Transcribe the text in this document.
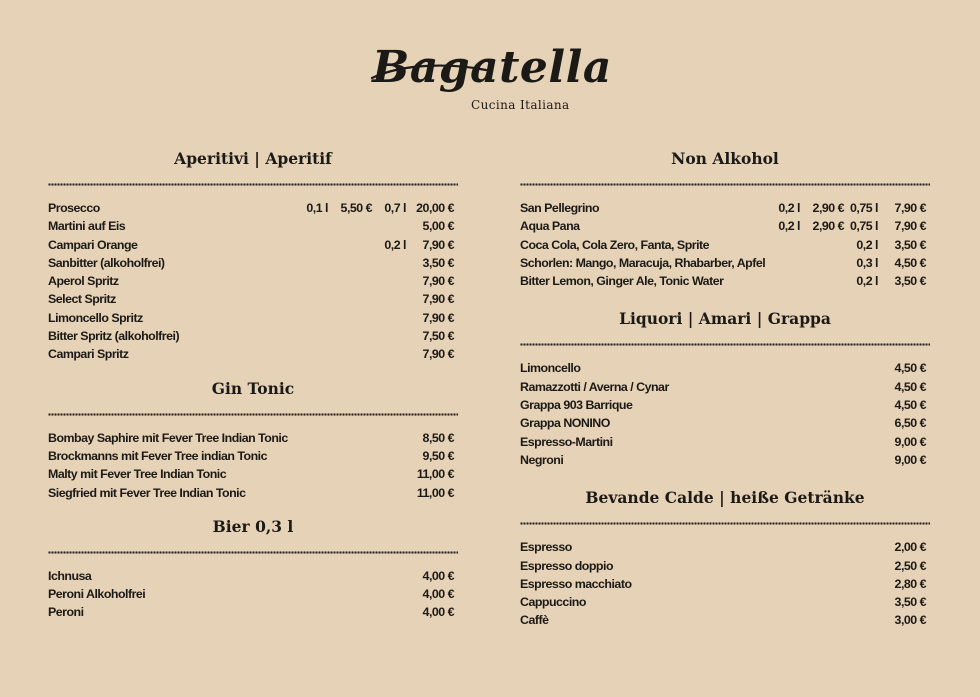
Bagatella
Cucina Italiana
Aperitivi | Aperitif
Prosecco	0,1 l 5,50 € 0,7 l 20,00 €
Martini auf Eis	5,00 €
Campari Orange	0,2 l 7,90 €
Sanbitter (alkoholfrei)	3,50 €
Aperol Spritz	7,90 €
Select Spritz	7,90 €
Limoncello Spritz	7,90 €
Bitter Spritz (alkoholfrei)	7,50 €
Campari Spritz	7,90 €
Gin Tonic
Bombay Saphire mit Fever Tree Indian Tonic	8,50 €
Brockmanns mit Fever Tree indian Tonic	9,50 €
Malty mit Fever Tree Indian Tonic	11,00 €
Siegfried mit Fever Tree Indian Tonic	11,00 €
Bier 0,3 l
Ichnusa	4,00 €
Peroni Alkoholfrei	4,00 €
Peroni	4,00 €
Non Alkohol
San Pellegrino	0,2 l 2,90 € 0,75 l 7,90 €
Aqua Pana	0,2 l 2,90 € 0,75 l 7,90 €
Coca Cola, Cola Zero, Fanta, Sprite	0,2 l 3,50 €
Schorlen: Mango, Maracuja, Rhabarber, Apfel	0,3 l 4,50 €
Bitter Lemon, Ginger Ale, Tonic Water	0,2 l 3,50 €
Liquori | Amari | Grappa
Limoncello	4,50 €
Ramazzotti / Averna / Cynar	4,50 €
Grappa 903 Barrique	4,50 €
Grappa NONINO	6,50 €
Espresso-Martini	9,00 €
Negroni	9,00 €
Bevande Calde | heiße Getränke
Espresso	2,00 €
Espresso doppio	2,50 €
Espresso macchiato	2,80 €
Cappuccino	3,50 €
Caffè	3,00 €
